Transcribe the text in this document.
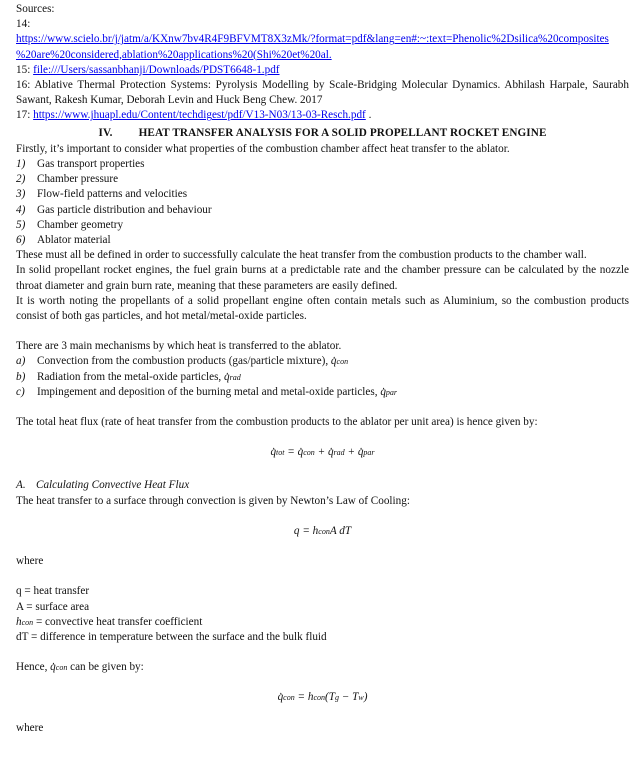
Sources:

14:

https://www.scielo.br/j/jatm/a/KXnw7bv4R4F9BFVMT8X3zMk/?format=pdf&lang=en#:~:text=Phenolic%2Dsilica%20composites
%20are%20considered,ablation%20applications%20(Shi%20et%20al.

15: file:///Users/sassanbhanji/Downloads/PDST6648-1.pdf

16: Ablative Thermal Protection Systems: Pyrolysis Modelling by Scale-Bridging Molecular Dynamics. Abhilash Harpale, Saurabh Sawant, Rakesh Kumar, Deborah Levin and Huck Beng Chew. 2017

17: https://www.jhuapl.edu/Content/techdigest/pdf/V13-N03/13-03-Resch.pdf .

IV. HEAT TRANSFER ANALYSIS FOR A SOLID PROPELLANT ROCKET ENGINE

Firstly, it’s important to consider what properties of the combustion chamber affect heat transfer to the ablator.

1)	Gas transport properties
2)	Chamber pressure
3)	Flow-field patterns and velocities
4)	Gas particle distribution and behaviour
5)	Chamber geometry
6)	Ablator material

These must all be defined in order to successfully calculate the heat transfer from the combustion products to the chamber wall.

In solid propellant rocket engines, the fuel grain burns at a predictable rate and the chamber pressure can be calculated by the nozzle throat diameter and grain burn rate, meaning that these parameters are easily defined.

It is worth noting the propellants of a solid propellant engine often contain metals such as Aluminium, so the combustion products consist of both gas particles, and hot metal/metal-oxide particles.

There are 3 main mechanisms by which heat is transferred to the ablator.

a)	Convection from the combustion products (gas/particle mixture), q̇con
b)	Radiation from the metal-oxide particles, q̇rad
c)	Impingement and deposition of the burning metal and metal-oxide particles, q̇par

The total heat flux (rate of heat transfer from the combustion products to the ablator per unit area) is hence given by:

q̇tot = q̇con + q̇rad + q̇par

A. Calculating Convective Heat Flux

The heat transfer to a surface through convection is given by Newton’s Law of Cooling:

q = hconA dT

where

q = heat transfer

A = surface area

hcon = convective heat transfer coefficient

dT = difference in temperature between the surface and the bulk fluid

Hence, q̇con can be given by:

q̇con = hcon(Tg − Tw)

where
